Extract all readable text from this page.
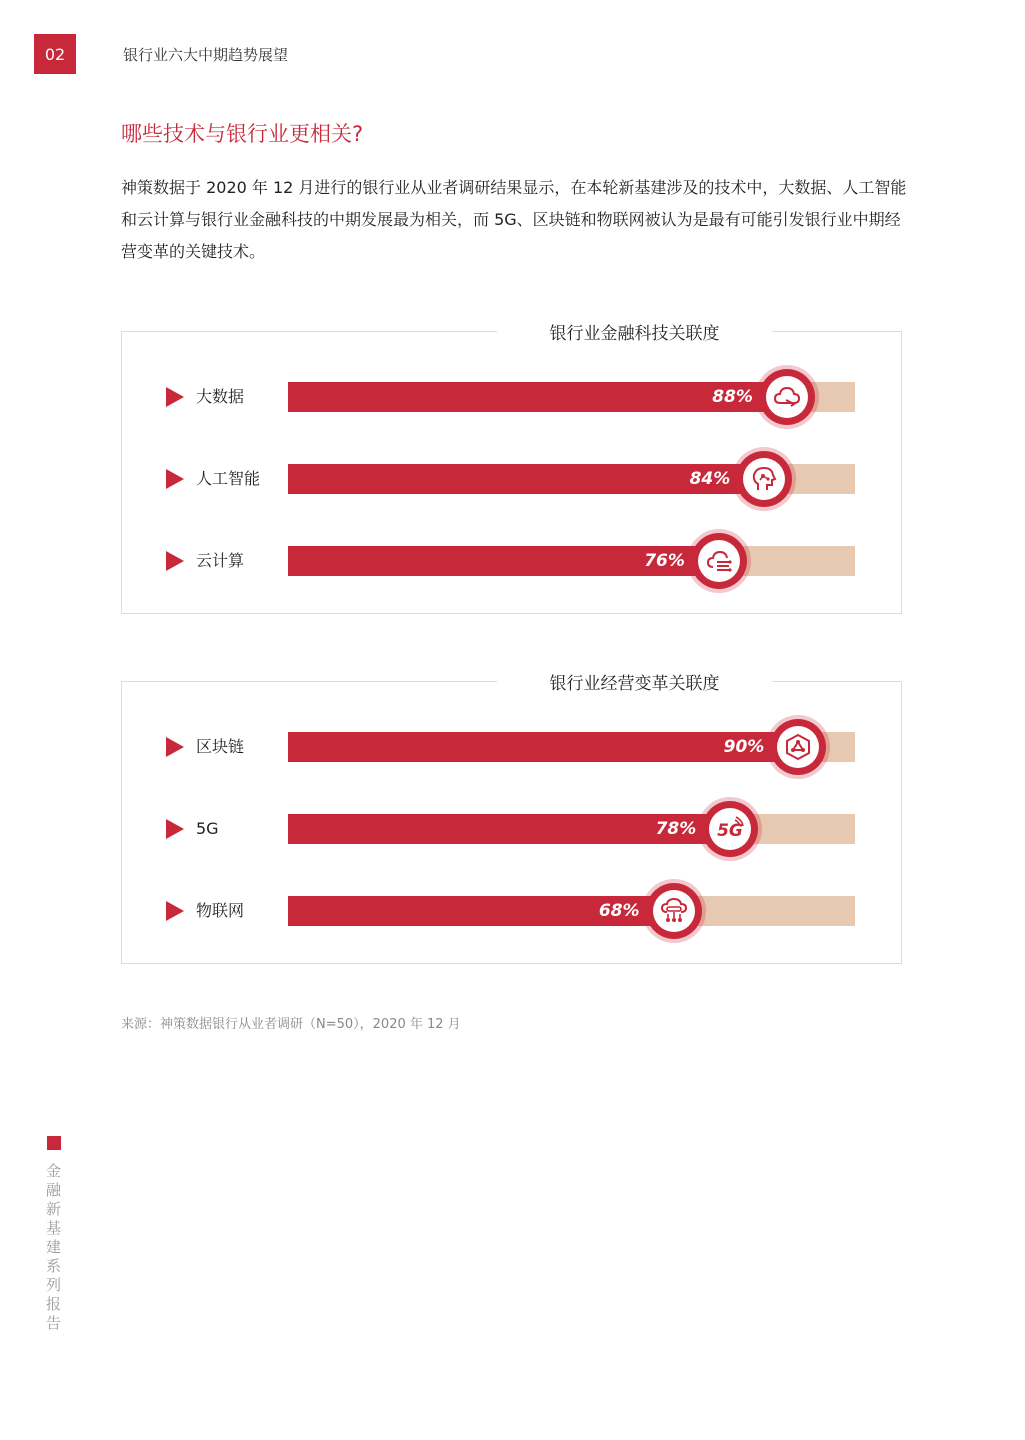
02	银行业六大中期趋势展望
哪些技术与银行业更相关?
神策数据于 2020 年 12 月进行的银行业从业者调研结果显示，在本轮新基建涉及的技术中，大数据、人工智能和云计算与银行业金融科技的中期发展最为相关，而 5G、区块链和物联网被认为是最有可能引发银行业中期经营变革的关键技术。
银行业金融科技关联度
大数据	88%
人工智能	84%
云计算	76%
银行业经营变革关联度
区块链	90%
5G	78% 5G
物联网	68%
来源：神策数据银行从业者调研（N=50），2020 年 12 月
金融新基建系列报告
